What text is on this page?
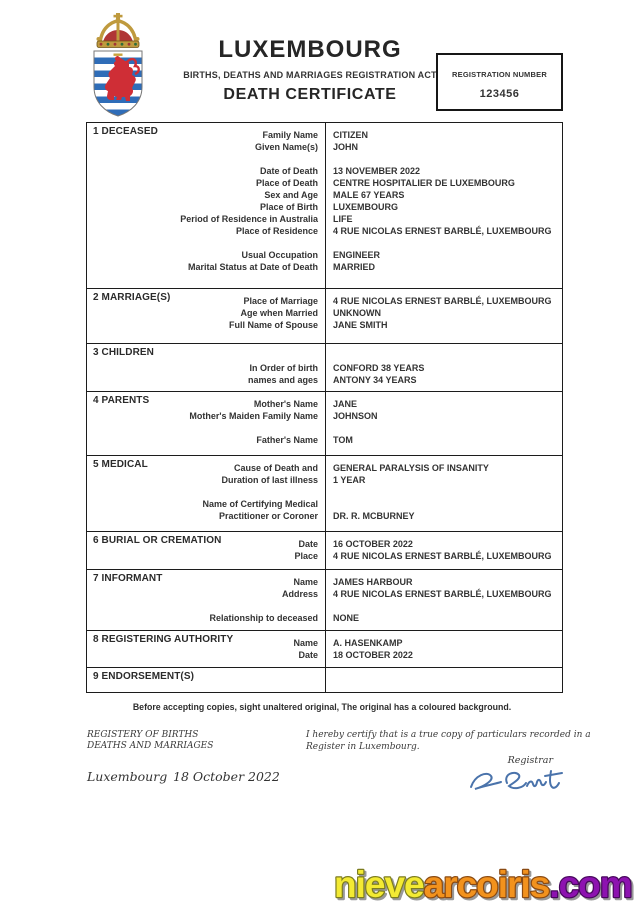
LUXEMBOURG
BIRTHS, DEATHS AND MARRIAGES REGISTRATION ACT
DEATH CERTIFICATE
REGISTRATION NUMBER
123456
1 DECEASED	Family Name	CITIZEN
Given Name(s)	JOHN
Date of Death	13 NOVEMBER 2022
Place of Death	CENTRE HOSPITALIER DE LUXEMBOURG
Sex and Age	MALE 67 YEARS
Place of Birth	LUXEMBOURG
Period of Residence in Australia	LIFE
Place of Residence	4 RUE NICOLAS ERNEST BARBLÉ, LUXEMBOURG
Usual Occupation	ENGINEER
Marital Status at Date of Death	MARRIED
2 MARRIAGE(S)	Place of Marriage	4 RUE NICOLAS ERNEST BARBLÉ, LUXEMBOURG
Age when Married	UNKNOWN
Full Name of Spouse	JANE SMITH
3 CHILDREN
In Order of birth	CONFORD 38 YEARS
names and ages	ANTONY 34 YEARS
4 PARENTS	Mother's Name	JANE
Mother's Maiden Family Name	JOHNSON
Father's Name	TOM
5 MEDICAL	Cause of Death and	GENERAL PARALYSIS OF INSANITY
Duration of last illness	1 YEAR
Name of Certifying Medical
Practitioner or Coroner	DR. R. MCBURNEY
6 BURIAL OR CREMATION	Date	16 OCTOBER 2022
Place	4 RUE NICOLAS ERNEST BARBLÉ, LUXEMBOURG
7 INFORMANT	Name	JAMES HARBOUR
Address	4 RUE NICOLAS ERNEST BARBLÉ, LUXEMBOURG
Relationship to deceased	NONE
8 REGISTERING AUTHORITY	Name	A. HASENKAMP
Date	18 OCTOBER 2022
9 ENDORSEMENT(S)
Before accepting copies, sight unaltered original, The original has a coloured background.
REGISTERY OF BIRTHS
DEATHS AND MARRIAGES
I hereby certify that is a true copy of particulars recorded in a
Register in Luxembourg.
Registrar
Luxembourg 18 October 2022
nievearcoiris.com
